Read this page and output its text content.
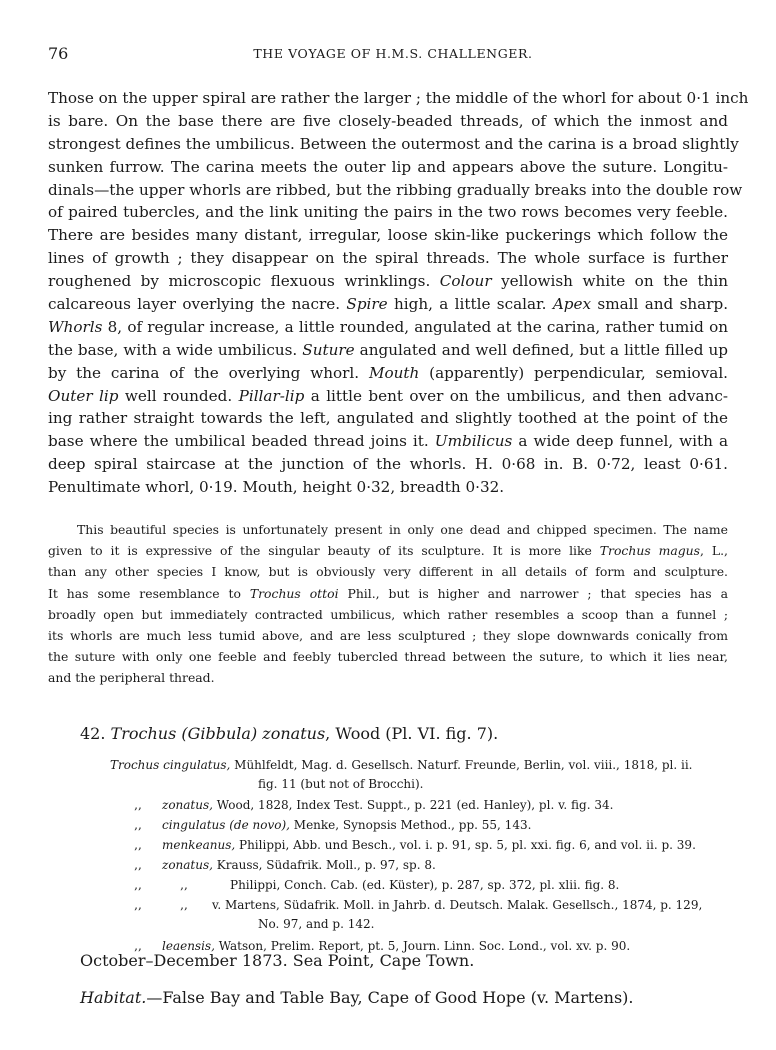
76	THE VOYAGE OF H.M.S. CHALLENGER.
Those on the upper spiral are rather the larger ; the middle of the whorl for about 0·1 inch
is bare. On the base there are five closely-beaded threads, of which the inmost and
strongest defines the umbilicus. Between the outermost and the carina is a broad slightly
sunken furrow. The carina meets the outer lip and appears above the suture. Longitu-
dinals—the upper whorls are ribbed, but the ribbing gradually breaks into the double row
of paired tubercles, and the link uniting the pairs in the two rows becomes very feeble.
There are besides many distant, irregular, loose skin-like puckerings which follow the
lines of growth ; they disappear on the spiral threads. The whole surface is further
roughened by microscopic flexuous wrinklings. Colour yellowish white on the thin
calcareous layer overlying the nacre. Spire high, a little scalar. Apex small and sharp.
Whorls 8, of regular increase, a little rounded, angulated at the carina, rather tumid on
the base, with a wide umbilicus. Suture angulated and well defined, but a little filled up
by the carina of the overlying whorl. Mouth (apparently) perpendicular, semioval.
Outer lip well rounded. Pillar-lip a little bent over on the umbilicus, and then advanc-
ing rather straight towards the left, angulated and slightly toothed at the point of the
base where the umbilical beaded thread joins it. Umbilicus a wide deep funnel, with a
deep spiral staircase at the junction of the whorls. H. 0·68 in. B. 0·72, least 0·61.
Penultimate whorl, 0·19. Mouth, height 0·32, breadth 0·32.
This beautiful species is unfortunately present in only one dead and chipped specimen. The name
given to it is expressive of the singular beauty of its sculpture. It is more like Trochus magus, L.,
than any other species I know, but is obviously very different in all details of form and sculpture.
It has some resemblance to Trochus ottoi Phil., but is higher and narrower ; that species has a
broadly open but immediately contracted umbilicus, which rather resembles a scoop than a funnel ;
its whorls are much less tumid above, and are less sculptured ; they slope downwards conically from
the suture with only one feeble and feebly tubercled thread between the suture, to which it lies near,
and the peripheral thread.
42. Trochus (Gibbula) zonatus, Wood (Pl. VI. fig. 7).
Trochus cingulatus, Mühlfeldt, Mag. d. Gesellsch. Naturf. Freunde, Berlin, vol. viii., 1818, pl. ii.
fig. 11 (but not of Brocchi).
,,	zonatus, Wood, 1828, Index Test. Suppt., p. 221 (ed. Hanley), pl. v. fig. 34.
,,	cingulatus (de novo), Menke, Synopsis Method., pp. 55, 143.
,,	menkeanus, Philippi, Abb. und Besch., vol. i. p. 91, sp. 5, pl. xxi. fig. 6, and vol. ii. p. 39.
,,	zonatus, Krauss, Südafrik. Moll., p. 97, sp. 8.
,,	,,	Philippi, Conch. Cab. (ed. Küster), p. 287, sp. 372, pl. xlii. fig. 8.
,,	,,	v. Martens, Südafrik. Moll. in Jahrb. d. Deutsch. Malak. Gesellsch., 1874, p. 129,
No. 97, and p. 142.
,,	leaensis, Watson, Prelim. Report, pt. 5, Journ. Linn. Soc. Lond., vol. xv. p. 90.
October–December 1873. Sea Point, Cape Town.
Habitat.—False Bay and Table Bay, Cape of Good Hope (v. Martens).
